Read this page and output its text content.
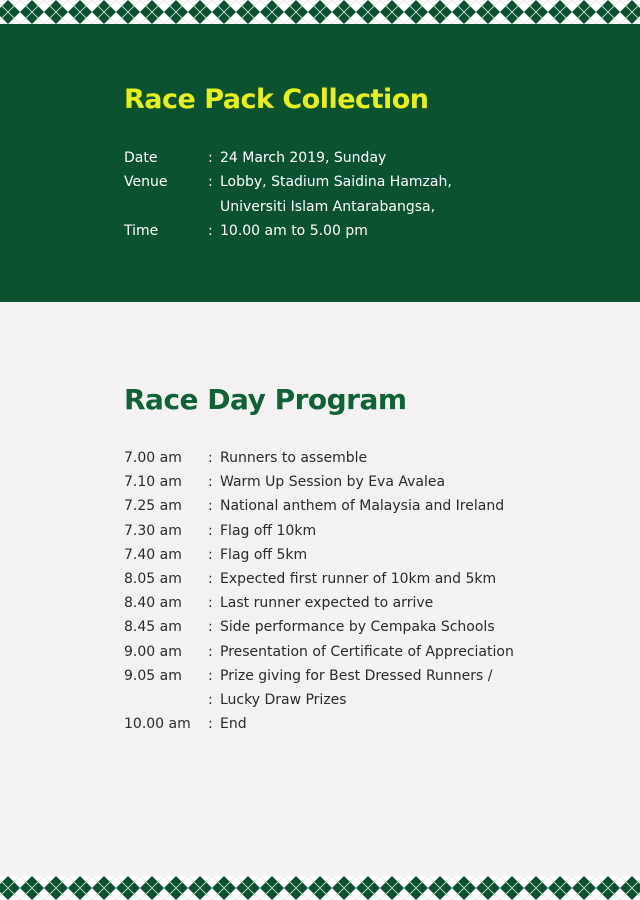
Race Pack Collection
Date	: 24 March 2019, Sunday
Venue	: Lobby, Stadium Saidina Hamzah,
Universiti Islam Antarabangsa,
Time	: 10.00 am to 5.00 pm
Race Day Program
7.00 am : Runners to assemble
7.10 am : Warm Up Session by Eva Avalea
7.25 am : National anthem of Malaysia and Ireland
7.30 am : Flag off 10km
7.40 am : Flag off 5km
8.05 am : Expected first runner of 10km and 5km
8.40 am : Last runner expected to arrive
8.45 am : Side performance by Cempaka Schools
9.00 am : Presentation of Certificate of Appreciation
9.05 am : Prize giving for Best Dressed Runners /
: Lucky Draw Prizes
10.00 am : End
